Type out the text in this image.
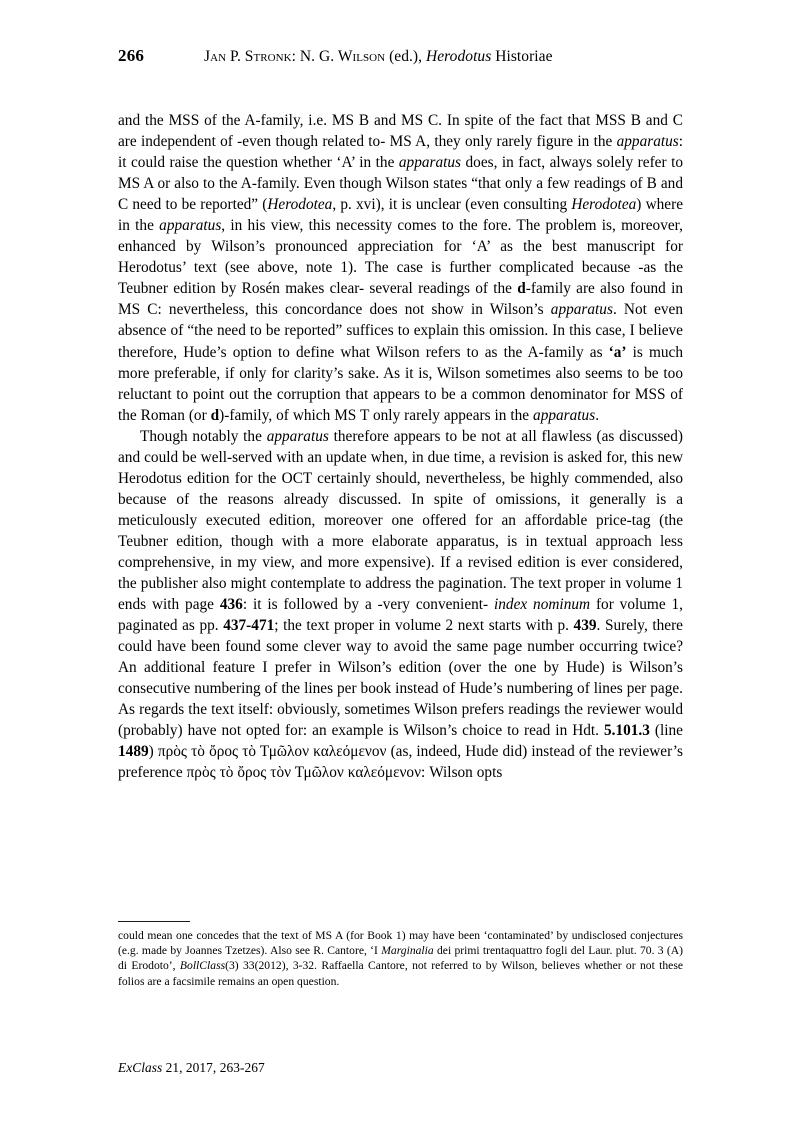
266	Jan P. Stronk: N. G. Wilson (ed.), Herodotus Historiae

and the MSS of the A-family, i.e. MS B and MS C. In spite of the fact that MSS B and C are independent of -even though related to- MS A, they only rarely figure in the apparatus: it could raise the question whether ‘A’ in the apparatus does, in fact, always solely refer to MS A or also to the A-family. Even though Wilson states “that only a few readings of B and C need to be reported” (Herodotea, p. xvi), it is unclear (even consulting Herodotea) where in the apparatus, in his view, this necessity comes to the fore. The problem is, moreover, enhanced by Wilson’s pronounced appreciation for ‘A’ as the best manuscript for Herodotus’ text (see above, note 1). The case is further complicated because -as the Teubner edition by Rosén makes clear- several readings of the d-family are also found in MS C: nevertheless, this concordance does not show in Wilson’s apparatus. Not even absence of “the need to be reported” suffices to explain this omission. In this case, I believe therefore, Hude’s option to define what Wilson refers to as the A-family as ‘a’ is much more preferable, if only for clarity’s sake. As it is, Wilson sometimes also seems to be too reluctant to point out the corruption that appears to be a common denominator for MSS of the Roman (or d)-family, of which MS T only rarely appears in the apparatus.

Though notably the apparatus therefore appears to be not at all flawless (as discussed) and could be well-served with an update when, in due time, a revision is asked for, this new Herodotus edition for the OCT certainly should, nevertheless, be highly commended, also because of the reasons already discussed. In spite of omissions, it generally is a meticulously executed edition, moreover one offered for an affordable price-tag (the Teubner edition, though with a more elaborate apparatus, is in textual approach less comprehensive, in my view, and more expensive). If a revised edition is ever considered, the publisher also might contemplate to address the pagination. The text proper in volume 1 ends with page 436: it is followed by a -very convenient- index nominum for volume 1, paginated as pp. 437-471; the text proper in volume 2 next starts with p. 439. Surely, there could have been found some clever way to avoid the same page number occurring twice? An additional feature I prefer in Wilson’s edition (over the one by Hude) is Wilson’s consecutive numbering of the lines per book instead of Hude’s numbering of lines per page. As regards the text itself: obviously, sometimes Wilson prefers readings the reviewer would (probably) have not opted for: an example is Wilson’s choice to read in Hdt. 5.101.3 (line 1489) πρὸς τὸ ὄρος τὸ Τμῶλον καλεόμενον (as, indeed, Hude did) instead of the reviewer’s preference πρὸς τὸ ὄρος τὸν Τμῶλον καλεόμενον: Wilson opts

could mean one concedes that the text of MS A (for Book 1) may have been ‘contaminated’ by undisclosed conjectures (e.g. made by Joannes Tzetzes). Also see R. Cantore, ‘I Marginalia dei primi trentaquattro fogli del Laur. plut. 70. 3 (A) di Erodoto’, BollClass(3) 33(2012), 3-32. Raffaella Cantore, not referred to by Wilson, believes whether or not these folios are a facsimile remains an open question.

ExClass 21, 2017, 263-267
